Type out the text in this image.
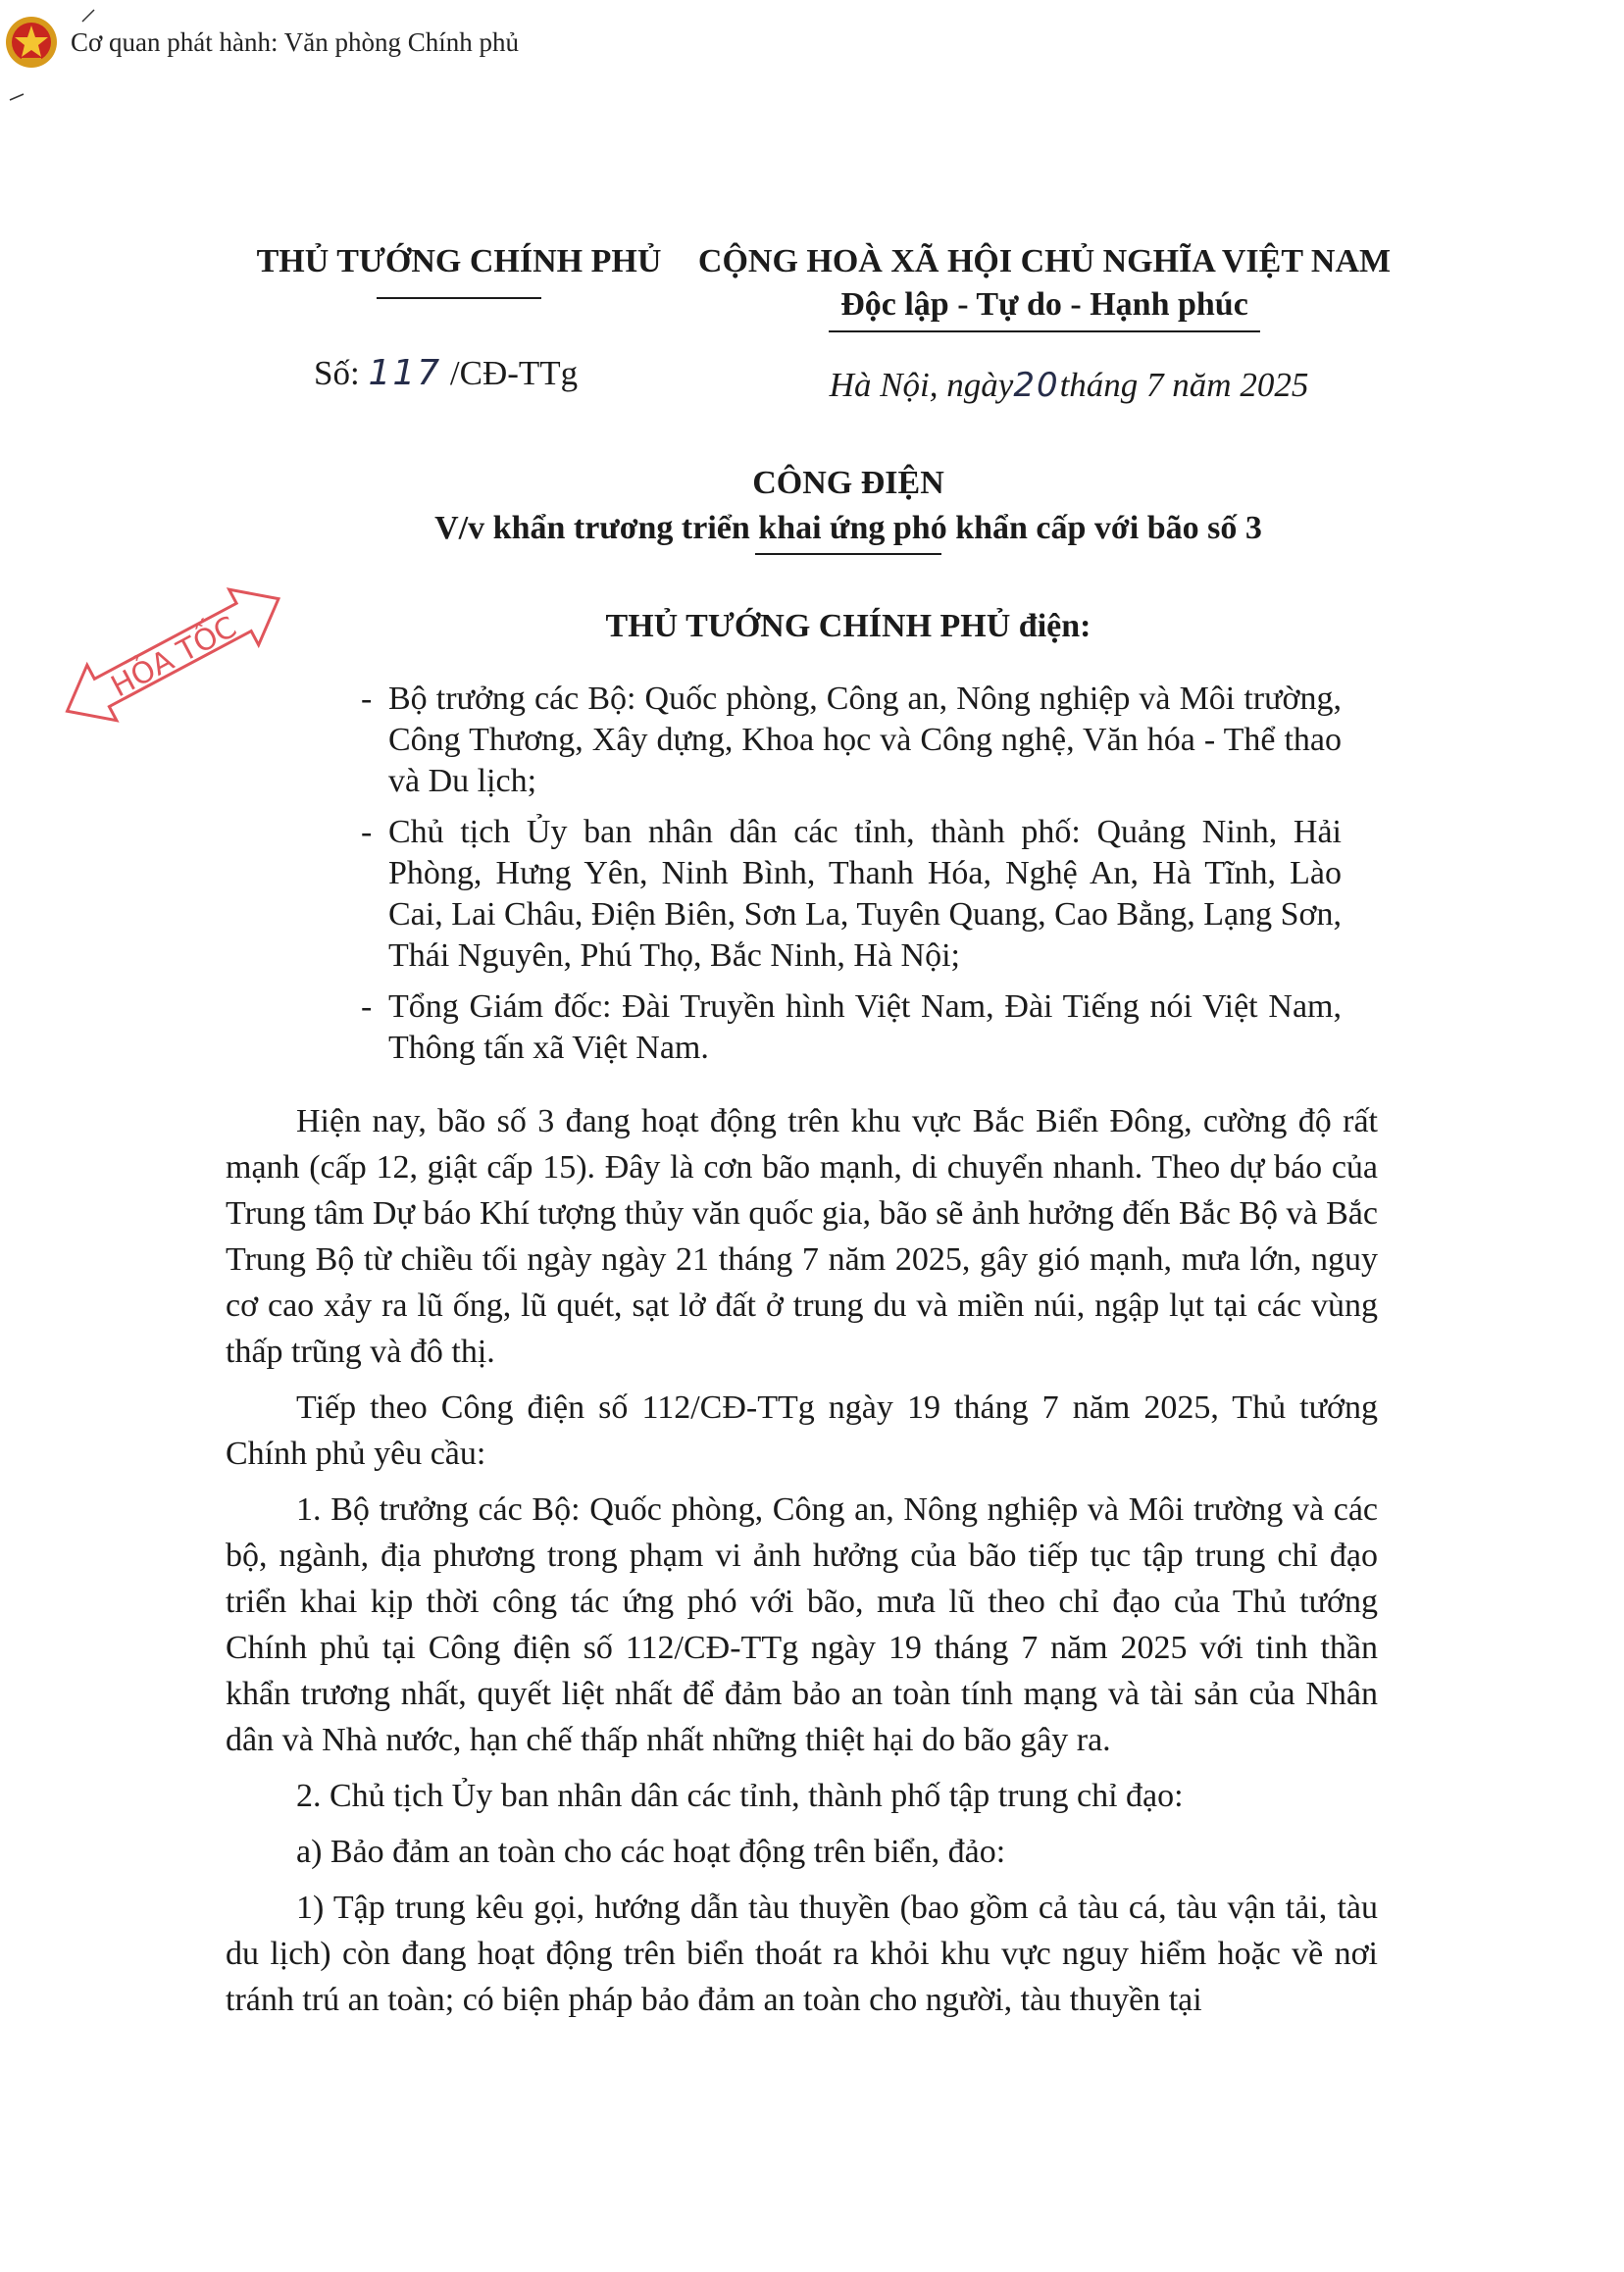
Cơ quan phát hành: Văn phòng Chính phủ
THỦ TƯỚNG CHÍNH PHỦ	CỘNG HOÀ XÃ HỘI CHỦ NGHĨA VIỆT NAM
Độc lập - Tự do - Hạnh phúc
Số: 117 /CĐ-TTg	Hà Nội, ngày20tháng 7 năm 2025
CÔNG ĐIỆN
V/v khẩn trương triển khai ứng phó khẩn cấp với bão số 3
HỎA TỐC	THỦ TƯỚNG CHÍNH PHỦ điện:
- Bộ trưởng các Bộ: Quốc phòng, Công an, Nông nghiệp và Môi trường, Công Thương, Xây dựng, Khoa học và Công nghệ, Văn hóa - Thể thao và Du lịch;
- Chủ tịch Ủy ban nhân dân các tỉnh, thành phố: Quảng Ninh, Hải Phòng, Hưng Yên, Ninh Bình, Thanh Hóa, Nghệ An, Hà Tĩnh, Lào Cai, Lai Châu, Điện Biên, Sơn La, Tuyên Quang, Cao Bằng, Lạng Sơn, Thái Nguyên, Phú Thọ, Bắc Ninh, Hà Nội;
- Tổng Giám đốc: Đài Truyền hình Việt Nam, Đài Tiếng nói Việt Nam, Thông tấn xã Việt Nam.

Hiện nay, bão số 3 đang hoạt động trên khu vực Bắc Biển Đông, cường độ rất mạnh (cấp 12, giật cấp 15). Đây là cơn bão mạnh, di chuyển nhanh. Theo dự báo của Trung tâm Dự báo Khí tượng thủy văn quốc gia, bão sẽ ảnh hưởng đến Bắc Bộ và Bắc Trung Bộ từ chiều tối ngày ngày 21 tháng 7 năm 2025, gây gió mạnh, mưa lớn, nguy cơ cao xảy ra lũ ống, lũ quét, sạt lở đất ở trung du và miền núi, ngập lụt tại các vùng thấp trũng và đô thị.

Tiếp theo Công điện số 112/CĐ-TTg ngày 19 tháng 7 năm 2025, Thủ tướng Chính phủ yêu cầu:

1. Bộ trưởng các Bộ: Quốc phòng, Công an, Nông nghiệp và Môi trường và các bộ, ngành, địa phương trong phạm vi ảnh hưởng của bão tiếp tục tập trung chỉ đạo triển khai kịp thời công tác ứng phó với bão, mưa lũ theo chỉ đạo của Thủ tướng Chính phủ tại Công điện số 112/CĐ-TTg ngày 19 tháng 7 năm 2025 với tinh thần khẩn trương nhất, quyết liệt nhất để đảm bảo an toàn tính mạng và tài sản của Nhân dân và Nhà nước, hạn chế thấp nhất những thiệt hại do bão gây ra.

2. Chủ tịch Ủy ban nhân dân các tỉnh, thành phố tập trung chỉ đạo:

a) Bảo đảm an toàn cho các hoạt động trên biển, đảo:

1) Tập trung kêu gọi, hướng dẫn tàu thuyền (bao gồm cả tàu cá, tàu vận tải, tàu du lịch) còn đang hoạt động trên biển thoát ra khỏi khu vực nguy hiểm hoặc về nơi tránh trú an toàn; có biện pháp bảo đảm an toàn cho người, tàu thuyền tại
